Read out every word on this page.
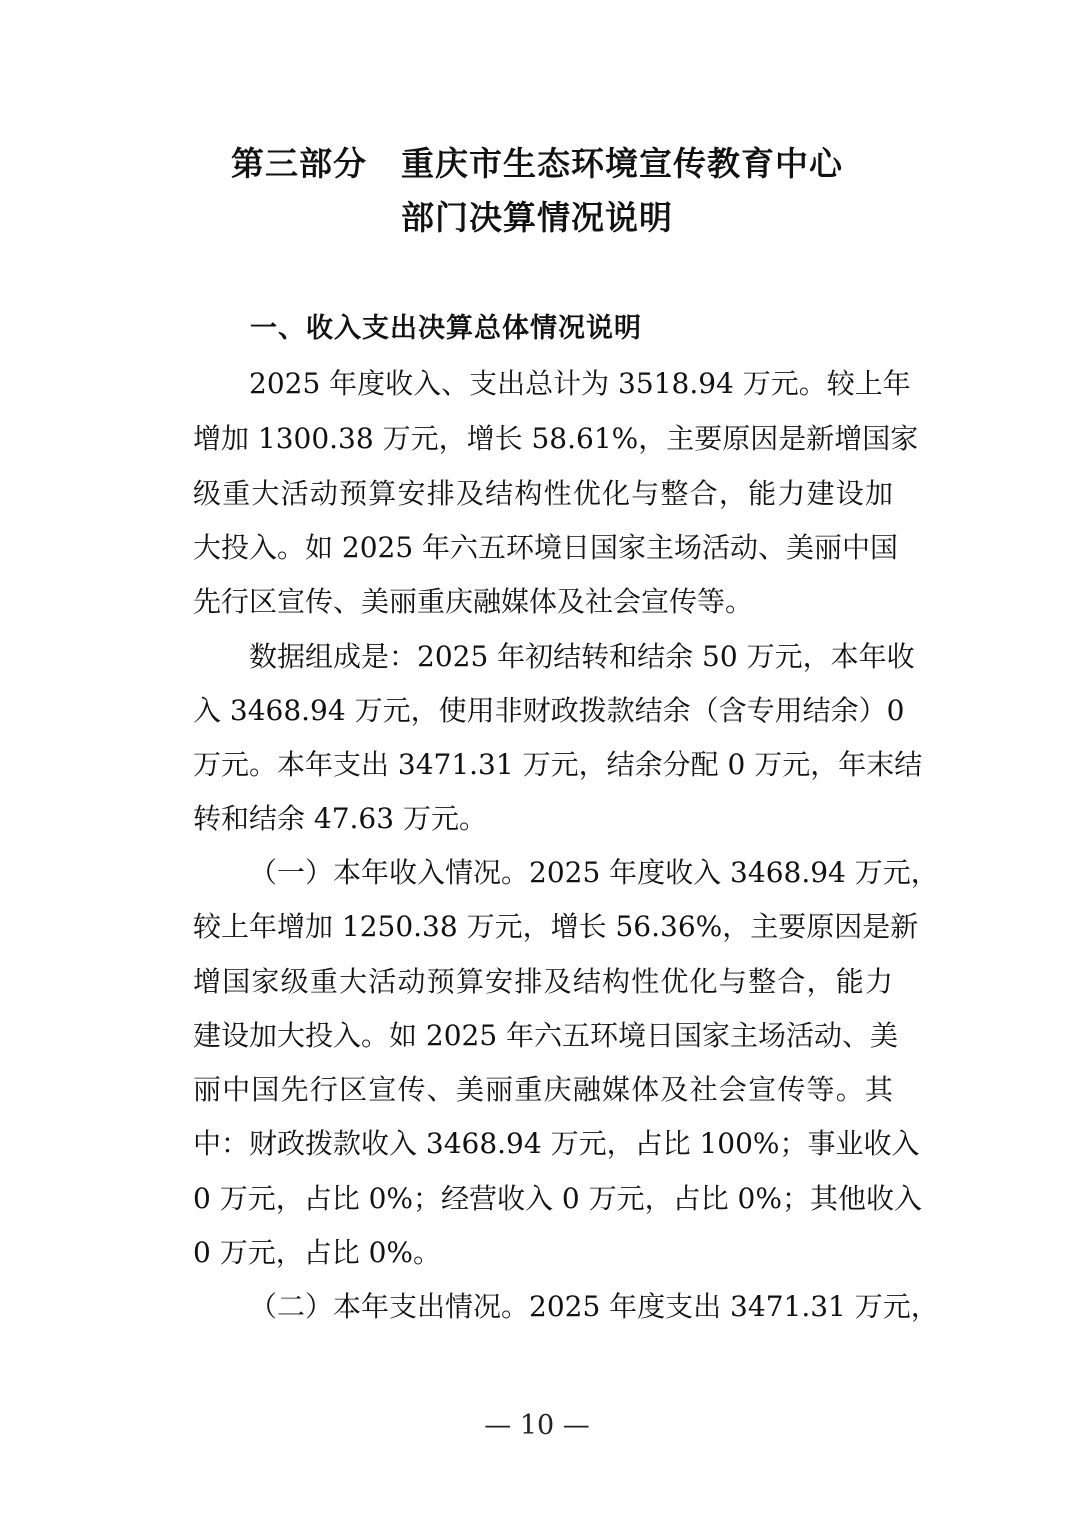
第三部分 重庆市生态环境宣传教育中心
部门决算情况说明
一、收入支出决算总体情况说明
2025 年度收入、支出总计为 3518.94 万元。较上年
增加 1300.38 万元，增长 58.61%，主要原因是新增国家
级重大活动预算安排及结构性优化与整合，能力建设加
大投入。如 2025 年六五环境日国家主场活动、美丽中国
先行区宣传、美丽重庆融媒体及社会宣传等。
数据组成是：2025 年初结转和结余 50 万元，本年收
入 3468.94 万元，使用非财政拨款结余（含专用结余）0
万元。本年支出 3471.31 万元，结余分配 0 万元，年末结
转和结余 47.63 万元。
（一）本年收入情况。2025 年度收入 3468.94 万元，
较上年增加 1250.38 万元，增长 56.36%，主要原因是新
增国家级重大活动预算安排及结构性优化与整合，能力
建设加大投入。如 2025 年六五环境日国家主场活动、美
丽中国先行区宣传、美丽重庆融媒体及社会宣传等。其
中：财政拨款收入 3468.94 万元，占比 100%；事业收入
0 万元，占比 0%；经营收入 0 万元，占比 0%；其他收入
0 万元，占比 0%。
（二）本年支出情况。2025 年度支出 3471.31 万元，
— 10 —
